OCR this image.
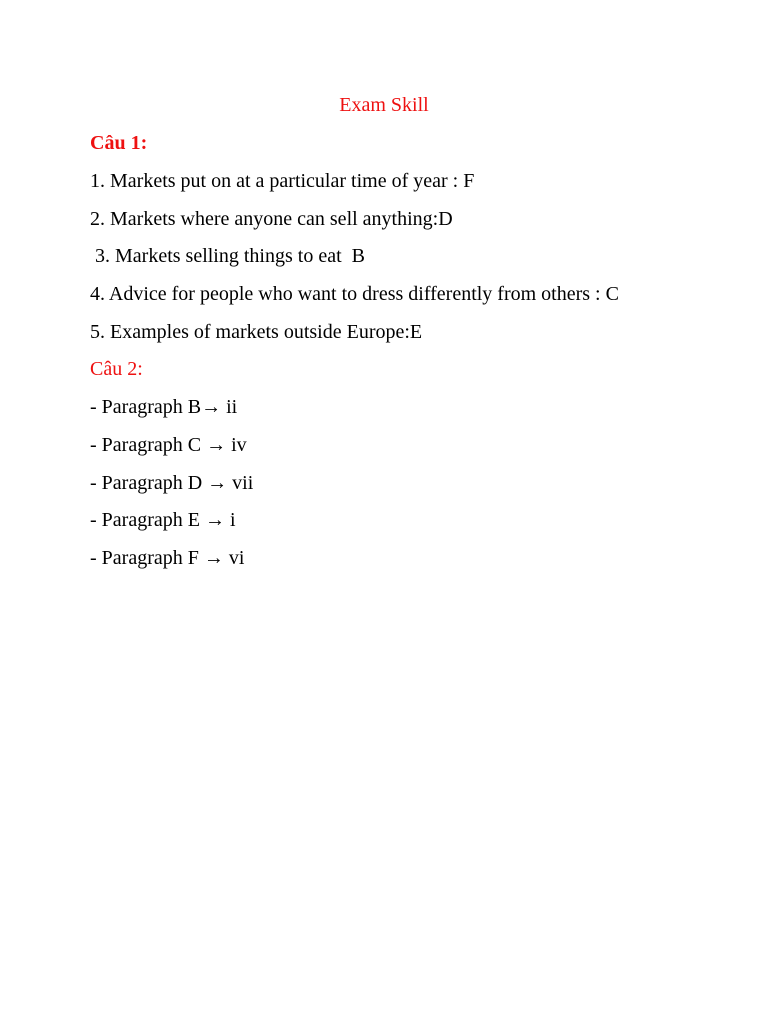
Exam Skill
Câu 1:
1. Markets put on at a particular time of year : F
2. Markets where anyone can sell anything:D
3. Markets selling things to eat  B
4. Advice for people who want to dress differently from others : C
5. Examples of markets outside Europe:E
Câu 2:
- Paragraph B→ ii
- Paragraph C → iv
- Paragraph D → vii
- Paragraph E → i
- Paragraph F → vi
